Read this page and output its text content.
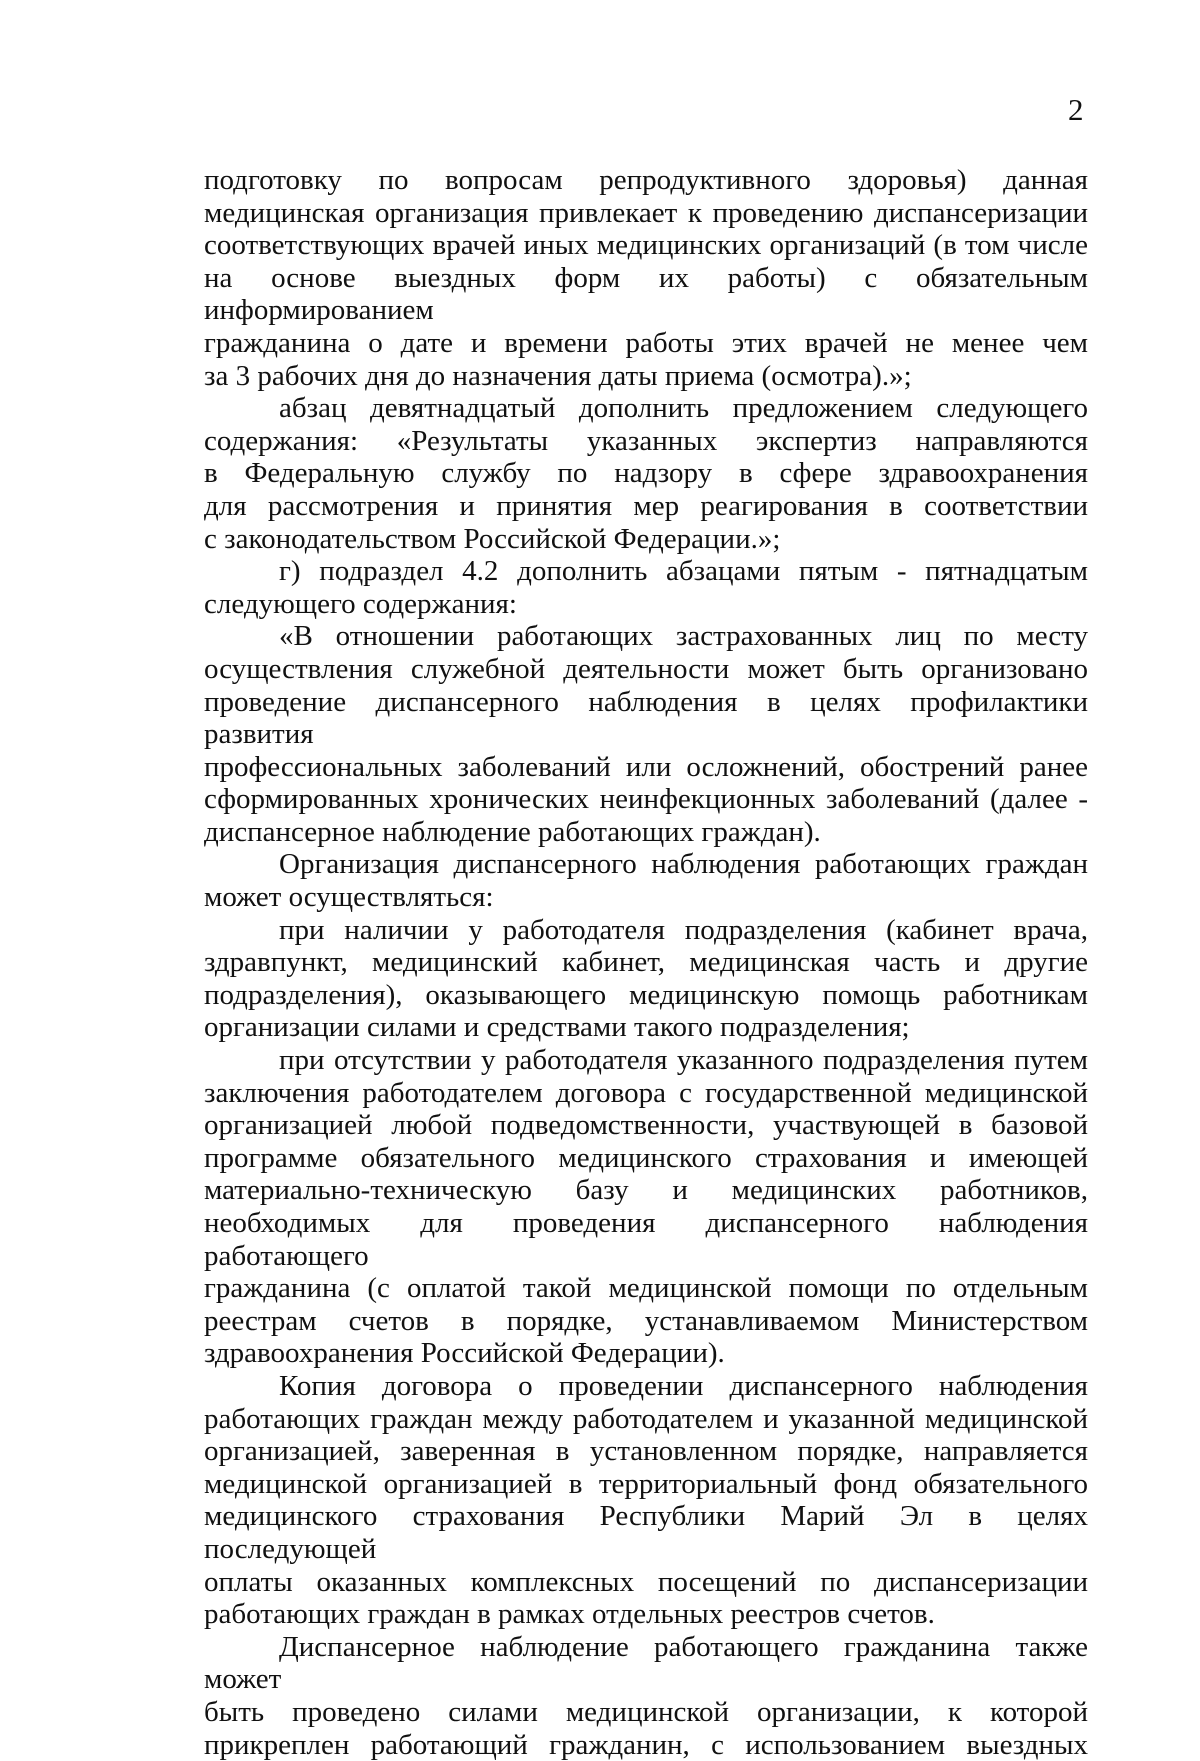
2

подготовку по вопросам репродуктивного здоровья) данная
медицинская организация привлекает к проведению диспансеризации
соответствующих врачей иных медицинских организаций (в том числе
на основе выездных форм их работы) с обязательным информированием
гражданина о дате и времени работы этих врачей не менее чем
за 3 рабочих дня до назначения даты приема (осмотра).»;

абзац девятнадцатый дополнить предложением следующего
содержания: «Результаты указанных экспертиз направляются
в Федеральную службу по надзору в сфере здравоохранения
для рассмотрения и принятия мер реагирования в соответствии
с законодательством Российской Федерации.»;

г) подраздел 4.2 дополнить абзацами пятым - пятнадцатым
следующего содержания:

«В отношении работающих застрахованных лиц по месту
осуществления служебной деятельности может быть организовано
проведение диспансерного наблюдения в целях профилактики развития
профессиональных заболеваний или осложнений, обострений ранее
сформированных хронических неинфекционных заболеваний (далее -
диспансерное наблюдение работающих граждан).

Организация диспансерного наблюдения работающих граждан
может осуществляться:

при наличии у работодателя подразделения (кабинет врача,
здравпункт, медицинский кабинет, медицинская часть и другие
подразделения), оказывающего медицинскую помощь работникам
организации силами и средствами такого подразделения;

при отсутствии у работодателя указанного подразделения путем
заключения работодателем договора с государственной медицинской
организацией любой подведомственности, участвующей в базовой
программе обязательного медицинского страхования и имеющей
материально-техническую базу и медицинских работников,
необходимых для проведения диспансерного наблюдения работающего
гражданина (с оплатой такой медицинской помощи по отдельным
реестрам счетов в порядке, устанавливаемом Министерством
здравоохранения Российской Федерации).

Копия договора о проведении диспансерного наблюдения
работающих граждан между работодателем и указанной медицинской
организацией, заверенная в установленном порядке, направляется
медицинской организацией в территориальный фонд обязательного
медицинского страхования Республики Марий Эл в целях последующей
оплаты оказанных комплексных посещений по диспансеризации
работающих граждан в рамках отдельных реестров счетов.

Диспансерное наблюдение работающего гражданина также может
быть проведено силами медицинской организации, к которой
прикреплен работающий гражданин, с использованием выездных
